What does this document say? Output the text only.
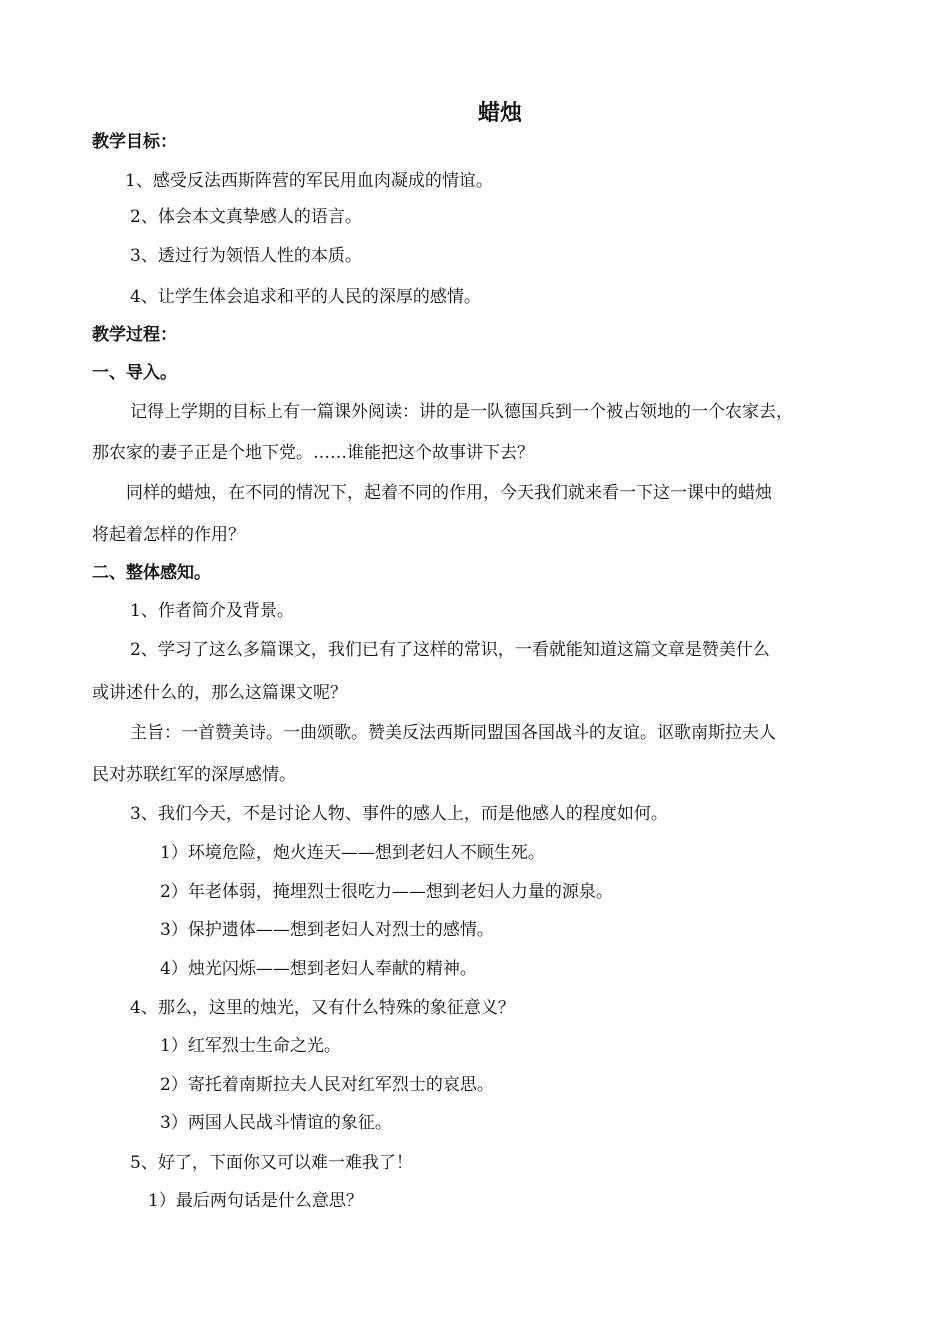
蜡烛
教学目标：
1、感受反法西斯阵营的军民用血肉凝成的情谊。
2、体会本文真挚感人的语言。
3、透过行为领悟人性的本质。
4、让学生体会追求和平的人民的深厚的感情。
教学过程：
一、导入。
记得上学期的目标上有一篇课外阅读：讲的是一队德国兵到一个被占领地的一个农家去，
那农家的妻子正是个地下党。……谁能把这个故事讲下去？
同样的蜡烛，在不同的情况下，起着不同的作用，今天我们就来看一下这一课中的蜡烛
将起着怎样的作用？
二、整体感知。
1、作者简介及背景。
2、学习了这么多篇课文，我们已有了这样的常识，一看就能知道这篇文章是赞美什么
或讲述什么的，那么这篇课文呢？
主旨：一首赞美诗。一曲颂歌。赞美反法西斯同盟国各国战斗的友谊。讴歌南斯拉夫人
民对苏联红军的深厚感情。
3、我们今天，不是讨论人物、事件的感人上，而是他感人的程度如何。
1）环境危险，炮火连天——想到老妇人不顾生死。
2）年老体弱，掩埋烈士很吃力——想到老妇人力量的源泉。
3）保护遗体——想到老妇人对烈士的感情。
4）烛光闪烁——想到老妇人奉献的精神。
4、那么，这里的烛光，又有什么特殊的象征意义？
1）红军烈士生命之光。
2）寄托着南斯拉夫人民对红军烈士的哀思。
3）两国人民战斗情谊的象征。
5、好了，下面你又可以难一难我了！
1）最后两句话是什么意思？
